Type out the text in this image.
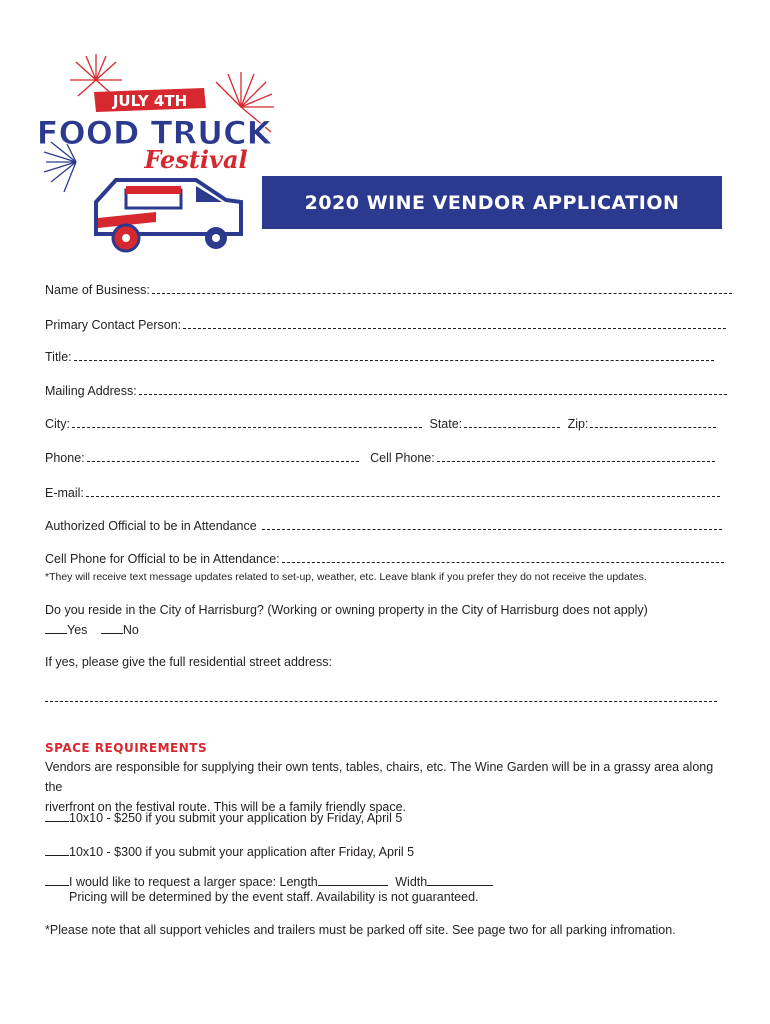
JULY 4TH
FOOD TRUCK
Festival
2020 WINE VENDOR APPLICATION
Name of Business:
Primary Contact Person:
Title:
Mailing Address:
City:	State:	Zip:
Phone:	Cell Phone:
E-mail:
Authorized Official to be in Attendance
Cell Phone for Official to be in Attendance:
*They will receive text message updates related to set-up, weather, etc. Leave blank if you prefer they do not receive the updates.
Do you reside in the City of Harrisburg? (Working or owning property in the City of Harrisburg does not apply)
Yes	No
If yes, please give the full residential street address:
SPACE REQUIREMENTS
Vendors are responsible for supplying their own tents, tables, chairs, etc. The Wine Garden will be in a grassy area along the
riverfront on the festival route. This will be a family friendly space.
10x10 - $250 if you submit your application by Friday, April 5
10x10 - $300 if you submit your application after Friday, April 5
I would like to request a larger space: Length	Width
Pricing will be determined by the event staff. Availability is not guaranteed.
*Please note that all support vehicles and trailers must be parked off site. See page two for all parking infromation.
